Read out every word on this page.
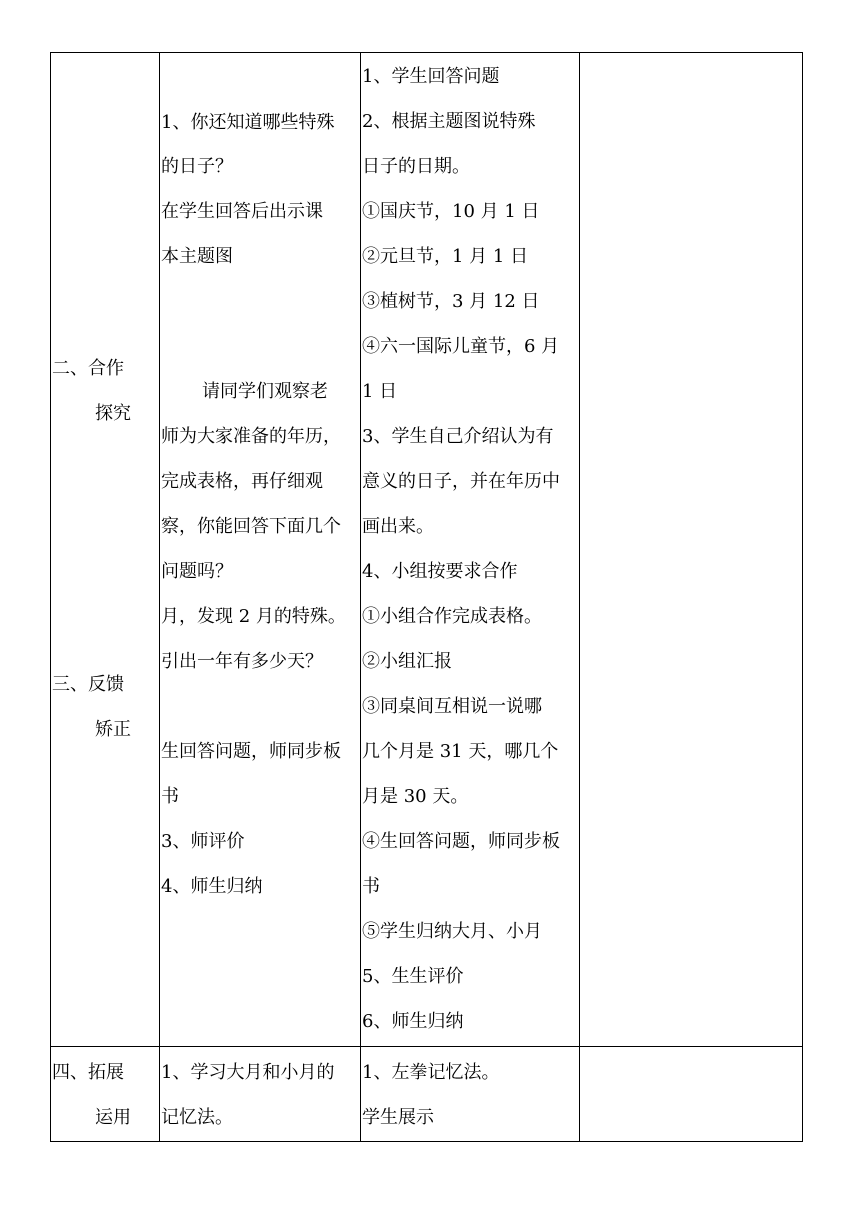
二、合作
探究
三、反馈
矫正
1、你还知道哪些特殊
的日子？
在学生回答后出示课
本主题图
请同学们观察老
师为大家准备的年历，
完成表格，再仔细观
察，你能回答下面几个
问题吗？
月，发现 2 月的特殊。
引出一年有多少天？
生回答问题，师同步板
书
3、师评价
4、师生归纳
1、学生回答问题
2、根据主题图说特殊
日子的日期。
①国庆节，10 月 1 日
②元旦节，1 月 1 日
③植树节，3 月 12 日
④六一国际儿童节，6 月
1 日
3、学生自己介绍认为有
意义的日子，并在年历中
画出来。
4、小组按要求合作
①小组合作完成表格。
②小组汇报
③同桌间互相说一说哪
几个月是 31 天，哪几个
月是 30 天。
④生回答问题，师同步板
书
⑤学生归纳大月、小月
5、生生评价
6、师生归纳
四、拓展
运用
1、学习大月和小月的
记忆法。
1、左拳记忆法。
学生展示
